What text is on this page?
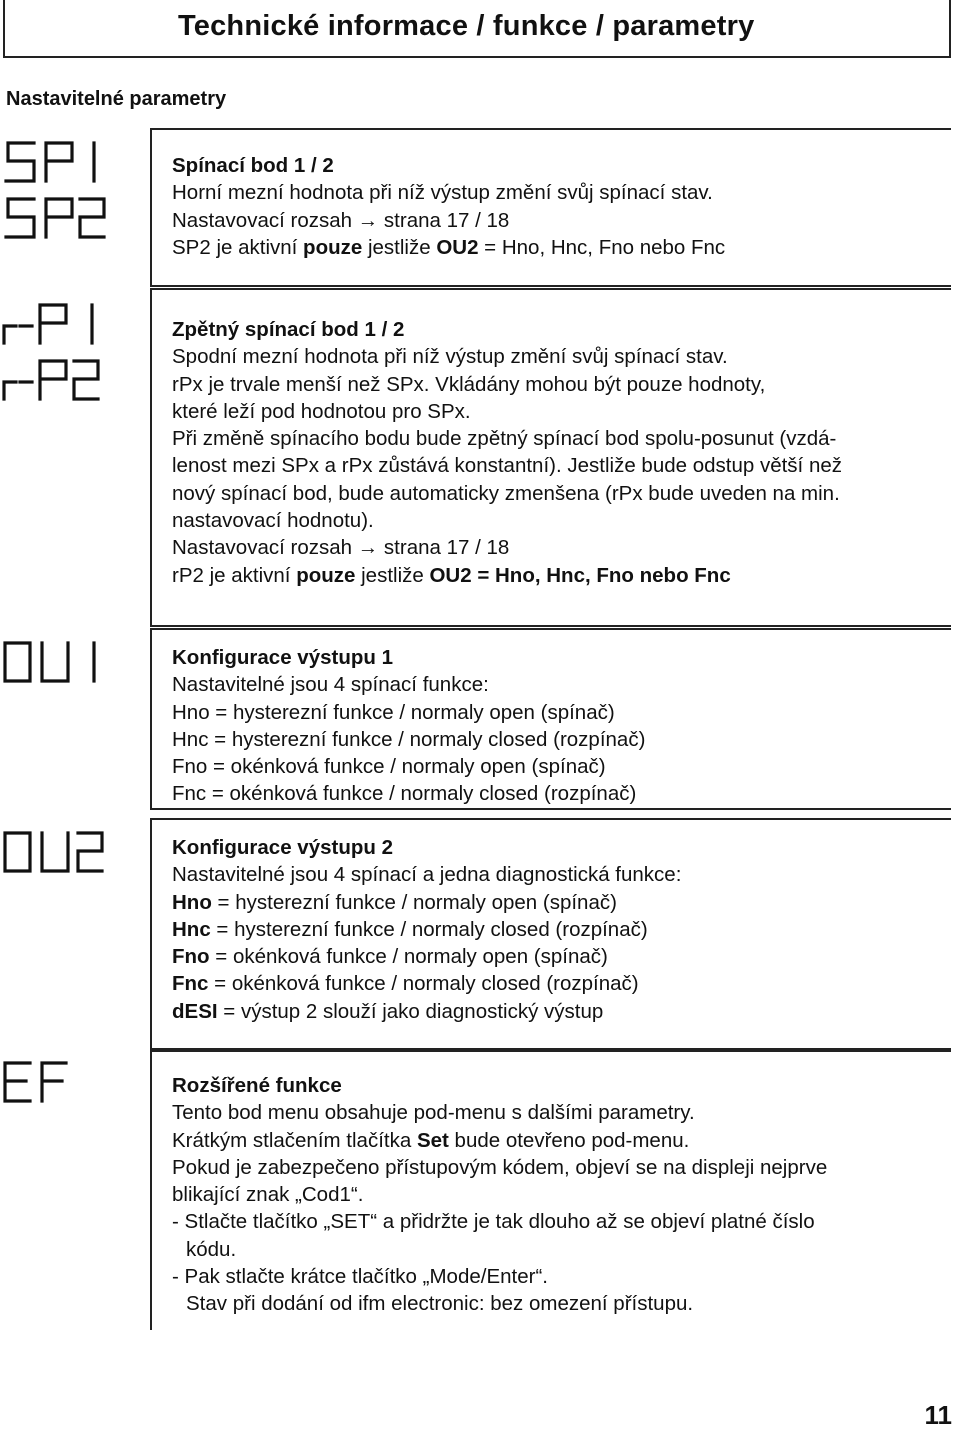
Technické informace / funkce / parametry
Nastavitelné parametry
Spínací bod 1 / 2
Horní mezní hodnota při níž výstup změní svůj spínací stav.
Nastavovací rozsah → strana 17 / 18
SP2 je aktivní pouze jestliže OU2 = Hno, Hnc, Fno nebo Fnc
Zpětný spínací bod 1 / 2
Spodní mezní hodnota při níž výstup změní svůj spínací stav.
rPx je trvale menší než SPx. Vkládány mohou být pouze hodnoty,
které leží pod hodnotou pro SPx.
Při změně spínacího bodu bude zpětný spínací bod spolu-posunut (vzdá-
lenost mezi SPx a rPx zůstává konstantní). Jestliže bude odstup větší než
nový spínací bod, bude automaticky zmenšena (rPx bude uveden na min.
nastavovací hodnotu).
Nastavovací rozsah → strana 17 / 18
rP2 je aktivní pouze jestliže OU2 = Hno, Hnc, Fno nebo Fnc
Konfigurace výstupu 1
Nastavitelné jsou 4 spínací funkce:
Hno = hysterezní funkce / normaly open (spínač)
Hnc = hysterezní funkce / normaly closed (rozpínač)
Fno = okénková funkce / normaly open (spínač)
Fnc = okénková funkce / normaly closed (rozpínač)
Konfigurace výstupu 2
Nastavitelné jsou 4 spínací a jedna diagnostická funkce:
Hno = hysterezní funkce / normaly open (spínač)
Hnc = hysterezní funkce / normaly closed (rozpínač)
Fno = okénková funkce / normaly open (spínač)
Fnc = okénková funkce / normaly closed (rozpínač)
dESI = výstup 2 slouží jako diagnostický výstup
Rozšířené funkce
Tento bod menu obsahuje pod-menu s dalšími parametry.
Krátkým stlačením tlačítka Set bude otevřeno pod-menu.
Pokud je zabezpečeno přístupovým kódem, objeví se na displeji nejprve
blikající znak „Cod1“.
- Stlačte tlačítko „SET“ a přidržte je tak dlouho až se objeví platné číslo
kódu.
- Pak stlačte krátce tlačítko „Mode/Enter“.
Stav při dodání od ifm electronic: bez omezení přístupu.
11
